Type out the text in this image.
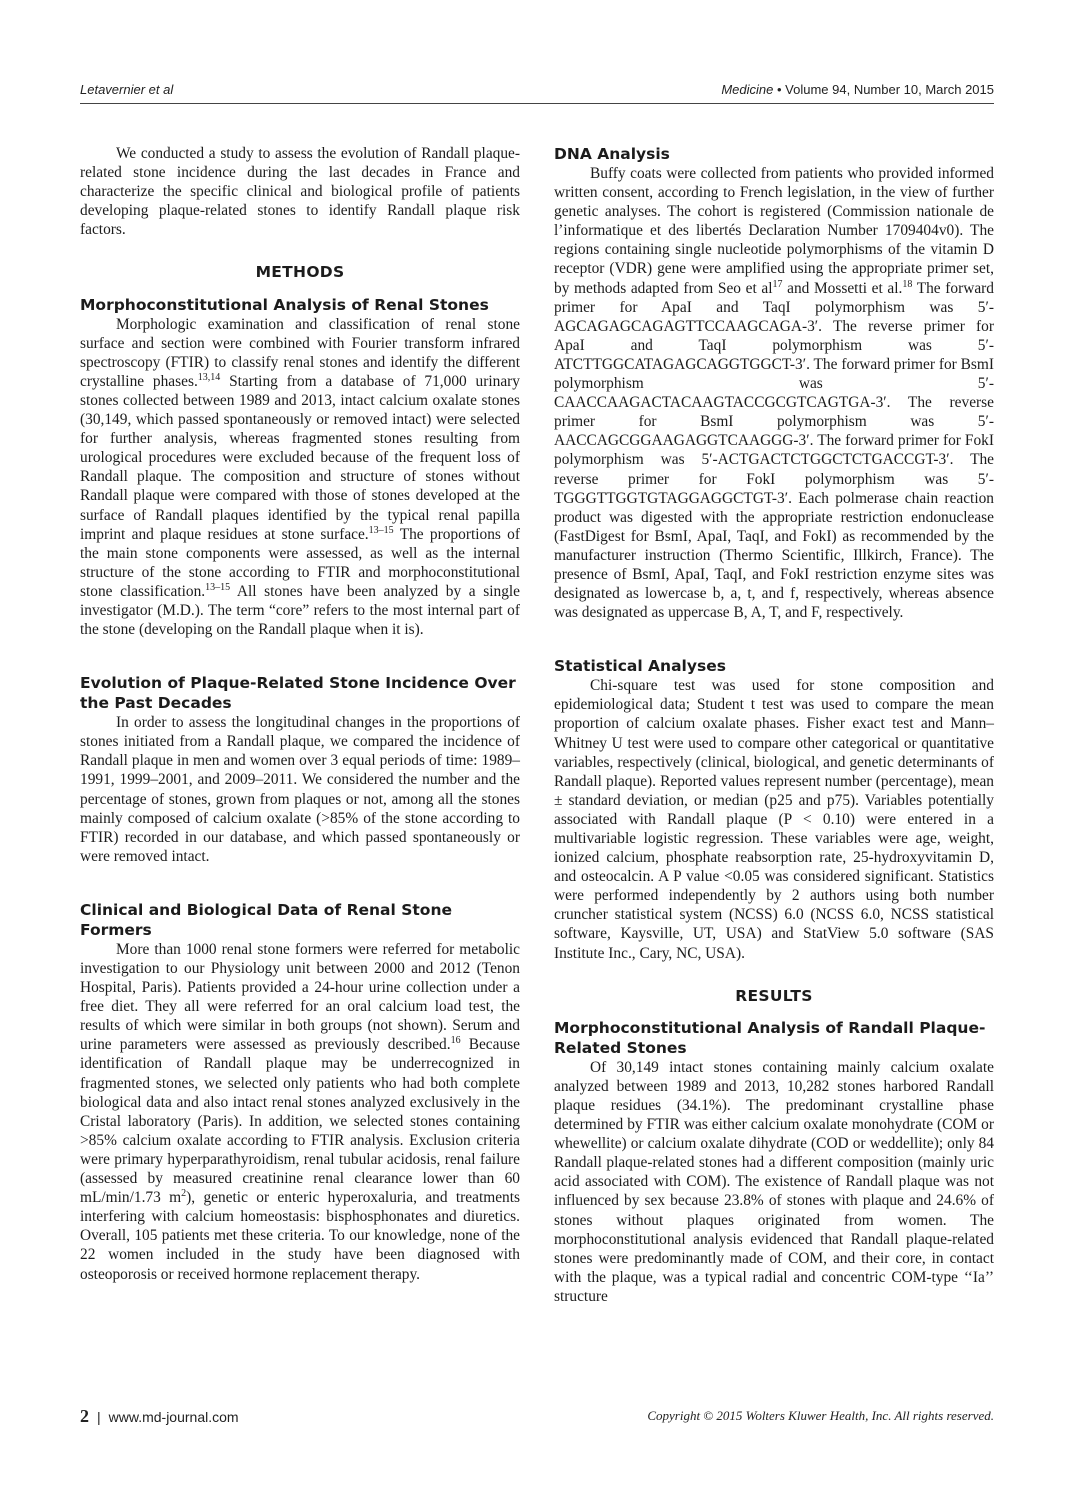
Letavernier et al	Medicine • Volume 94, Number 10, March 2015

We conducted a study to assess the evolution of Randall plaque-related stone incidence during the last decades in France and characterize the specific clinical and biological profile of patients developing plaque-related stones to identify Randall plaque risk factors.

METHODS
Morphoconstitutional Analysis of Renal Stones

Morphologic examination and classification of renal stone surface and section were combined with Fourier transform infrared spectroscopy (FTIR) to classify renal stones and identify the different crystalline phases.$^{13,14}$ Starting from a database of 71,000 urinary stones collected between 1989 and 2013, intact calcium oxalate stones (30,149, which passed spontaneously or removed intact) were selected for further analysis, whereas fragmented stones resulting from urological procedures were excluded because of the frequent loss of Randall plaque. The composition and structure of stones without Randall plaque were compared with those of stones developed at the surface of Randall plaques identified by the typical renal papilla imprint and plaque residues at stone surface.$^{13-15}$ The proportions of the main stone components were assessed, as well as the internal structure of the stone according to FTIR and morphoconstitutional stone classification.$^{13-15}$ All stones have been analyzed by a single investigator (M.D.). The term “core” refers to the most internal part of the stone (developing on the Randall plaque when it is).

Evolution of Plaque-Related Stone Incidence Over the Past Decades

In order to assess the longitudinal changes in the proportions of stones initiated from a Randall plaque, we compared the incidence of Randall plaque in men and women over 3 equal periods of time: 1989–1991, 1999–2001, and 2009–2011. We considered the number and the percentage of stones, grown from plaques or not, among all the stones mainly composed of calcium oxalate (>85% of the stone according to FTIR) recorded in our database, and which passed spontaneously or were removed intact.

Clinical and Biological Data of Renal Stone Formers

More than 1000 renal stone formers were referred for metabolic investigation to our Physiology unit between 2000 and 2012 (Tenon Hospital, Paris). Patients provided a 24-hour urine collection under a free diet. They all were referred for an oral calcium load test, the results of which were similar in both groups (not shown). Serum and urine parameters were assessed as previously described.$^{16}$ Because identification of Randall plaque may be underrecognized in fragmented stones, we selected only patients who had both complete biological data and also intact renal stones analyzed exclusively in the Cristal laboratory (Paris). In addition, we selected stones containing >85% calcium oxalate according to FTIR analysis. Exclusion criteria were primary hyperparathyroidism, renal tubular acidosis, renal failure (assessed by measured creatinine renal clearance lower than 60 mL/min/1.73 $m^2$), genetic or enteric hyperoxaluria, and treatments interfering with calcium homeostasis: bisphosphonates and diuretics. Overall, 105 patients met these criteria. To our knowledge, none of the 22 women included in the study have been diagnosed with osteoporosis or received hormone replacement therapy.

DNA Analysis

Buffy coats were collected from patients who provided informed written consent, according to French legislation, in the view of further genetic analyses. The cohort is registered (Commission nationale de l’informatique et des libertés Declaration Number 1709404v0). The regions containing single nucleotide polymorphisms of the vitamin D receptor (VDR) gene were amplified using the appropriate primer set, by methods adapted from Seo et $al^{17}$ and Mossetti et al.$^{18}$ The forward primer for ApaI and TaqI polymorphism was 5′-AGCAGAGCAGAGTTCCAAGCAGA-3′. The reverse primer for ApaI and TaqI polymorphism was 5′-ATCTTGGCATAGAGCAGGTGGCT-3′. The forward primer for BsmI polymorphism was 5′-CAACCAAGACTACAAGTACCGCGTCAGTGA-3′. The reverse primer for BsmI polymorphism was 5′-AACCAGCGGAAGAGGTCAAGGG-3′. The forward primer for FokI polymorphism was 5′-ACTGACTCTGGCTCTGACCGT-3′. The reverse primer for FokI polymorphism was 5′-TGGGTTGGTGTAGGAGGCTGT-3′. Each polmerase chain reaction product was digested with the appropriate restriction endonuclease (FastDigest for BsmI, ApaI, TaqI, and FokI) as recommended by the manufacturer instruction (Thermo Scientific, Illkirch, France). The presence of BsmI, ApaI, TaqI, and FokI restriction enzyme sites was designated as lowercase b, a, t, and f, respectively, whereas absence was designated as uppercase B, A, T, and F, respectively.

Statistical Analyses

Chi-square test was used for stone composition and epidemiological data; Student t test was used to compare the mean proportion of calcium oxalate phases. Fisher exact test and Mann–Whitney U test were used to compare other categorical or quantitative variables, respectively (clinical, biological, and genetic determinants of Randall plaque). Reported values represent number (percentage), mean ± standard deviation, or median (p25 and p75). Variables potentially associated with Randall plaque (P < 0.10) were entered in a multivariable logistic regression. These variables were age, weight, ionized calcium, phosphate reabsorption rate, 25-hydroxyvitamin D, and osteocalcin. A P value <0.05 was considered significant. Statistics were performed independently by 2 authors using both number cruncher statistical system (NCSS) 6.0 (NCSS 6.0, NCSS statistical software, Kaysville, UT, USA) and StatView 5.0 software (SAS Institute Inc., Cary, NC, USA).

RESULTS
Morphoconstitutional Analysis of Randall Plaque-Related Stones

Of 30,149 intact stones containing mainly calcium oxalate analyzed between 1989 and 2013, 10,282 stones harbored Randall plaque residues (34.1%). The predominant crystalline phase determined by FTIR was either calcium oxalate monohydrate (COM or whewellite) or calcium oxalate dihydrate (COD or weddellite); only 84 Randall plaque-related stones had a different composition (mainly uric acid associated with COM). The existence of Randall plaque was not influenced by sex because 23.8% of stones with plaque and 24.6% of stones without plaques originated from women. The morphoconstitutional analysis evidenced that Randall plaque-related stones were predominantly made of COM, and their core, in contact with the plaque, was a typical radial and concentric COM-type ‘‘Ia’’ structure

2 | www.md-journal.com	Copyright © 2015 Wolters Kluwer Health, Inc. All rights reserved.
